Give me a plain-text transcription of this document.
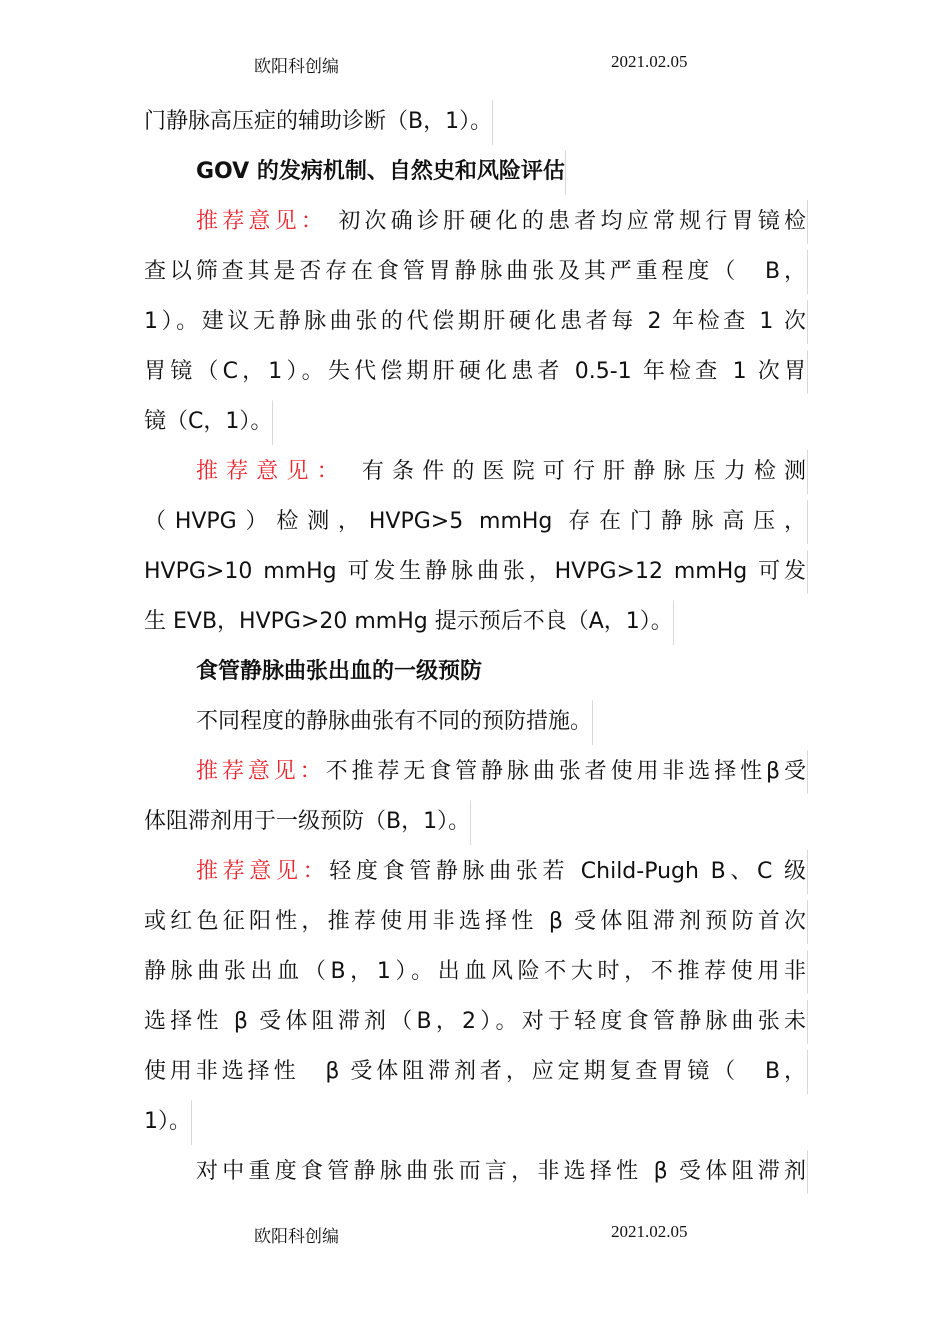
欧阳科创编	2021.02.05
门静脉高压症的辅助诊断（B，1）。
GOV 的发病机制、自然史和风险评估
推荐意见： 初次确诊肝硬化的患者均应常规行胃镜检
查以筛查其是否存在食管胃静脉曲张及其严重程度（　B，
1）。建议无静脉曲张的代偿期肝硬化患者每 2 年检查 1 次
胃镜（C，1）。失代偿期肝硬化患者 0.5-1 年检查 1 次胃
镜（C，1）。
推荐意见： 有条件的医院可行肝静脉压力检测
（HVPG）检测，HVPG>5 mmHg 存在门静脉高压，
HVPG>10 mmHg 可发生静脉曲张，HVPG>12 mmHg 可发
生 EVB，HVPG>20 mmHg 提示预后不良（A，1）。
食管静脉曲张出血的一级预防
不同程度的静脉曲张有不同的预防措施。
推荐意见：不推荐无食管静脉曲张者使用非选择性β受
体阻滞剂用于一级预防（B，1）。
推荐意见：轻度食管静脉曲张若 Child-Pugh B、C 级
或红色征阳性，推荐使用非选择性 β 受体阻滞剂预防首次
静脉曲张出血（B，1）。出血风险不大时，不推荐使用非
选择性 β 受体阻滞剂（B，2）。对于轻度食管静脉曲张未
使用非选择性　β 受体阻滞剂者，应定期复查胃镜（　B，
1）。
对中重度食管静脉曲张而言，非选择性 β 受体阻滞剂
欧阳科创编	2021.02.05
